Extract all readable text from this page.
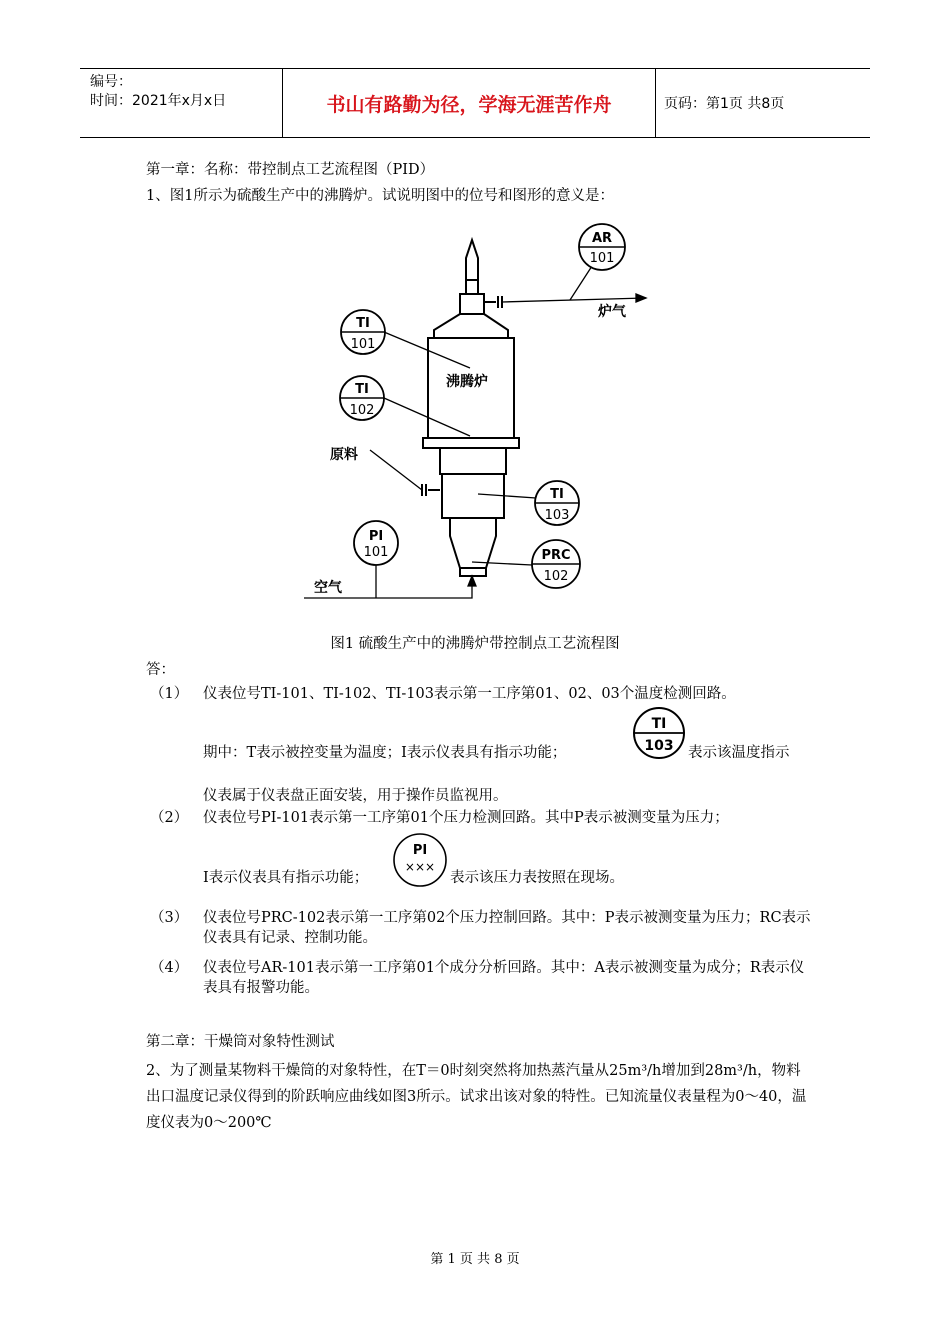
编号：
时间：2021年x月x日	书山有路勤为径，学海无涯苦作舟	页码：第1页 共8页
第一章：名称：带控制点工艺流程图（PID）
1、图1所示为硫酸生产中的沸腾炉。试说明图中的位号和图形的意义是：
AR
101
TI
101
TI
102
TI
103
PI
101	PRC
102
沸腾炉
炉气
原料
空气
图1 硫酸生产中的沸腾炉带控制点工艺流程图
答：
（1） 仪表位号TI-101、TI-102、TI-103表示第一工序第01、02、03个温度检测回路。
期中：T表示被控变量为温度；I表示仪表具有指示功能；
TI
103 表示该温度指示
仪表属于仪表盘正面安装，用于操作员监视用。
（2） 仪表位号PI-101表示第一工序第01个压力检测回路。其中P表示被测变量为压力；
I表示仪表具有指示功能；
PI
×××
表示该压力表按照在现场。
（3） 仪表位号PRC-102表示第一工序第02个压力控制回路。其中：P表示被测变量为压力；RC表示仪表具有记录、控制功能。
（4） 仪表位号AR-101表示第一工序第01个成分分析回路。其中：A表示被测变量为成分；R表示仪表具有报警功能。
第二章：干燥筒对象特性测试
2、为了测量某物料干燥筒的对象特性，在T＝0时刻突然将加热蒸汽量从25m³/h增加到28m³/h，物料出口温度记录仪得到的阶跃响应曲线如图3所示。试求出该对象的特性。已知流量仪表量程为0～40，温度仪表为0～200℃
第 1 页 共 8 页
